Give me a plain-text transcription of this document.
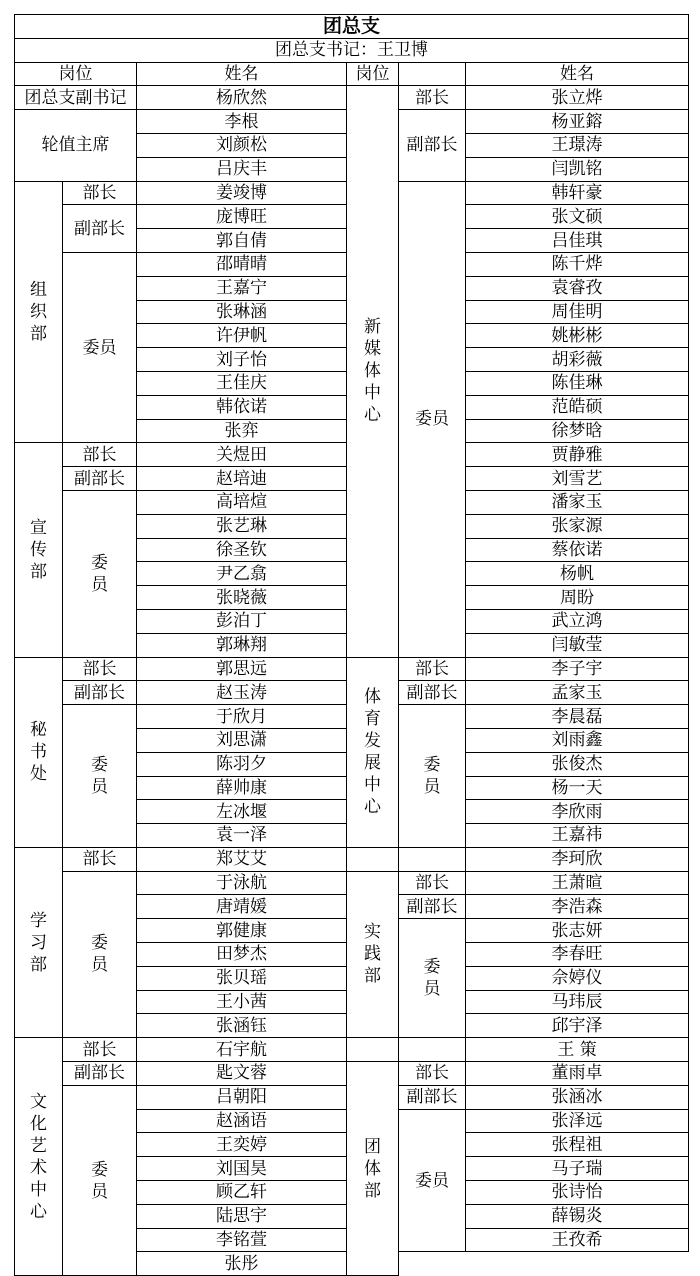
团总支					
团总支书记：王卫博					
岗位		姓名	岗位		姓名
团总支副书记		杨欣然	新媒体中心	部长	张立烨
轮值主席		李根		副部长	杨亚鎔
		刘颜松			王璟涛
		吕庆丰			闫凯铭
组织部	部长	姜竣博		委员	韩轩豪
	副部长	庞博旺			张文硕
		郭自倩			吕佳琪
	委员	邵晴晴			陈千烨
		王嘉宁			袁睿孜
		张琳涵			周佳明
		许伊帆			姚彬彬
		刘子怡			胡彩薇
		王佳庆			陈佳琳
		韩依诺			范皓硕
		张弈			徐梦晗
宣传部	部长	关煜田			贾静雅
	副部长	赵培迪			刘雪艺
	委员	高培煊			潘家玉
		张艺琳			张家源
		徐圣钦			蔡依诺
		尹乙翕			杨帆
		张晓薇			周盼
		彭泊丁			武立鸿
		郭琳翔			闫敏莹
秘书处	部长	郭思远	体育发展中心	部长	李子宇
	副部长	赵玉涛		副部长	孟家玉
	委员	于欣月		委员	李晨磊
		刘思潇			刘雨鑫
		陈羽夕			张俊杰
		薛帅康			杨一天
		左冰堰			李欣雨
		袁一泽			王嘉祎
学习部	部长	郑艾艾			李珂欣
	委员	于泳航	实践部	部长	王萧暄
		唐靖媛		副部长	李浩森
		郭健康		委员	张志妍
		田梦杰			李春旺
		张贝瑶			佘婷仪
		王小茜			马玮辰
		张涵钰			邱宇泽
文化艺术中心	部长	石宇航			王 策
	副部长	匙文蓉	团体部	部长	董雨卓
	委员	吕朝阳		副部长	张涵冰
		赵涵语		委员	张泽远
		王奕婷			张程祖
		刘国昊			马子瑞
		顾乙轩			张诗怡
		陆思宇			薛锡炎
		李铭萱			王孜希
		张彤			
